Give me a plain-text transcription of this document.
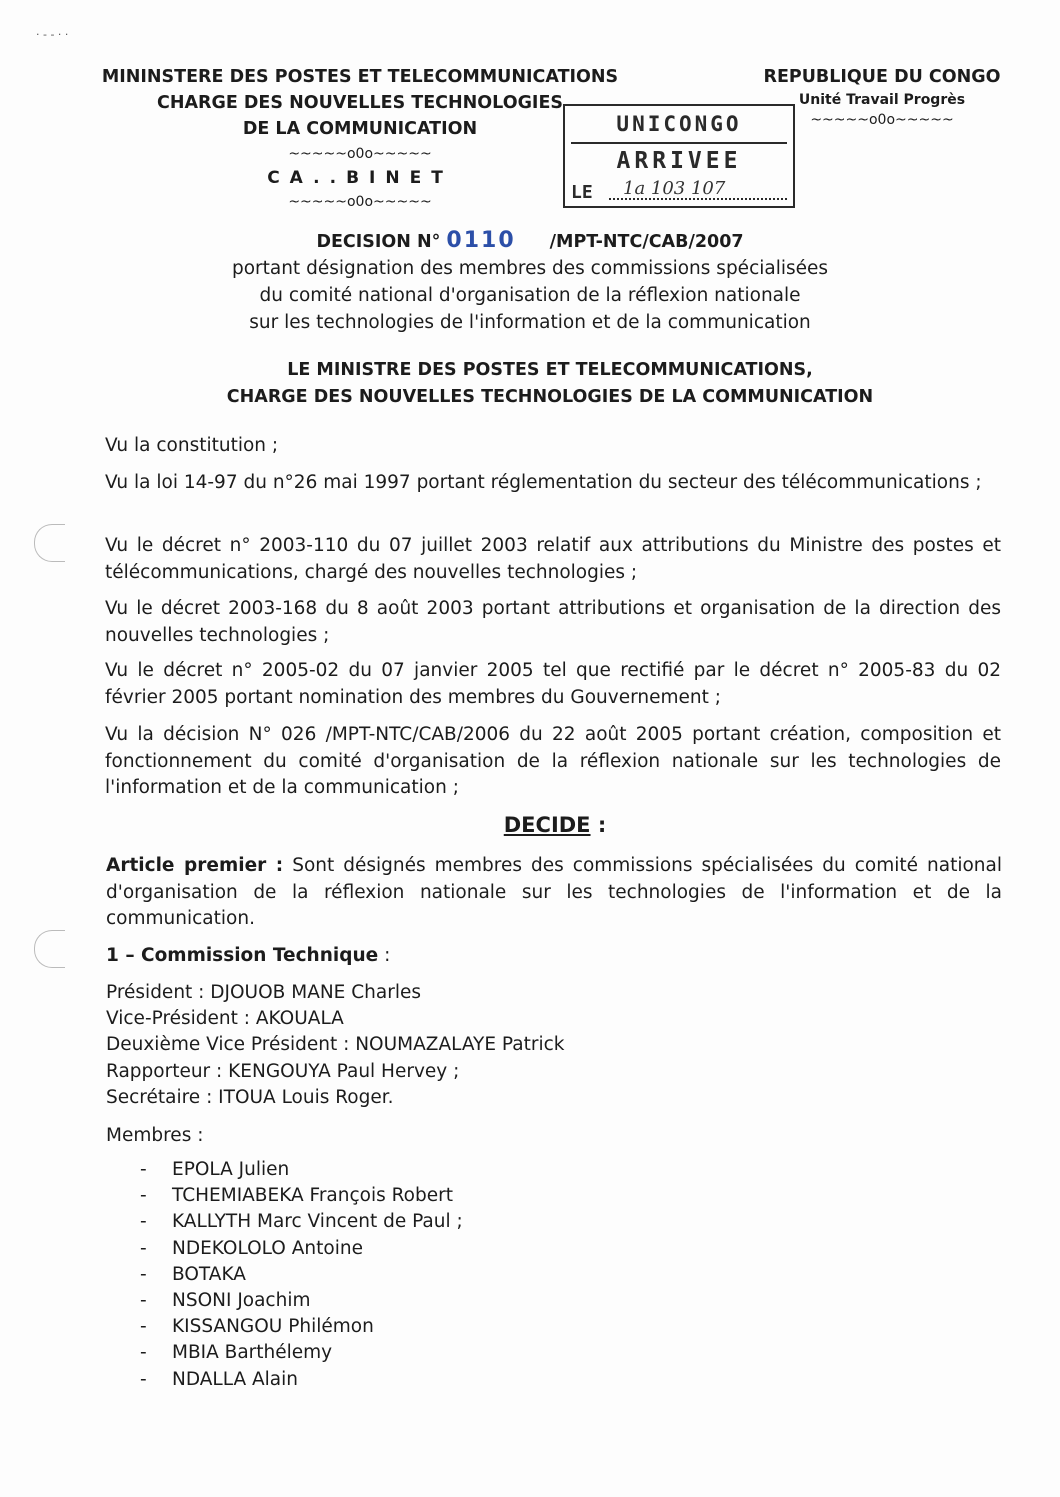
· - - · ·
MININSTERE DES POSTES ET TELECOMMUNICATIONS
CHARGE DES NOUVELLES TECHNOLOGIES
DE LA COMMUNICATION
~~~~~o0o~~~~~
CA..BINET
~~~~~o0o~~~~~
REPUBLIQUE DU CONGO
Unité Travail Progrès
~~~~~o0o~~~~~
UNICONGO
ARRIVEE
LE 1a 103 107
DECISION N° 0110 /MPT-NTC/CAB/2007
portant désignation des membres des commissions spécialisées
du comité national d'organisation de la réflexion nationale
sur les technologies de l'information et de la communication
LE MINISTRE DES POSTES ET TELECOMMUNICATIONS,
CHARGE DES NOUVELLES TECHNOLOGIES DE LA COMMUNICATION

Vu la constitution ;

Vu la loi 14-97 du n°26 mai 1997 portant réglementation du secteur des télécommunications ;

Vu le décret n° 2003-110 du 07 juillet 2003 relatif aux attributions du Ministre des postes et télécommunications, chargé des nouvelles technologies ;

Vu le décret 2003-168 du 8 août 2003 portant attributions et organisation de la direction des nouvelles technologies ;

Vu le décret n° 2005-02 du 07 janvier 2005 tel que rectifié par le décret n° 2005-83 du 02 février 2005 portant nomination des membres du Gouvernement ;

Vu la décision N° 026 /MPT-NTC/CAB/2006 du 22 août 2005 portant création, composition et fonctionnement du comité d'organisation de la réflexion nationale sur les technologies de l'information et de la communication ;

DECIDE :
Article premier : Sont désignés membres des commissions spécialisées du comité national d'organisation de la réflexion nationale sur les technologies de l'information et de la communication.
1 – Commission Technique :
Président : DJOUOB MANE Charles
Vice-Président : AKOUALA
Deuxième Vice Président : NOUMAZALAYE Patrick
Rapporteur : KENGOUYA Paul Hervey ;
Secrétaire : ITOUA Louis Roger.
Membres :
-	EPOLA Julien
-	TCHEMIABEKA François Robert
-	KALLYTH Marc Vincent de Paul ;
-	NDEKOLOLO Antoine
-	BOTAKA
-	NSONI Joachim
-	KISSANGOU Philémon
-	MBIA Barthélemy
-	NDALLA Alain
